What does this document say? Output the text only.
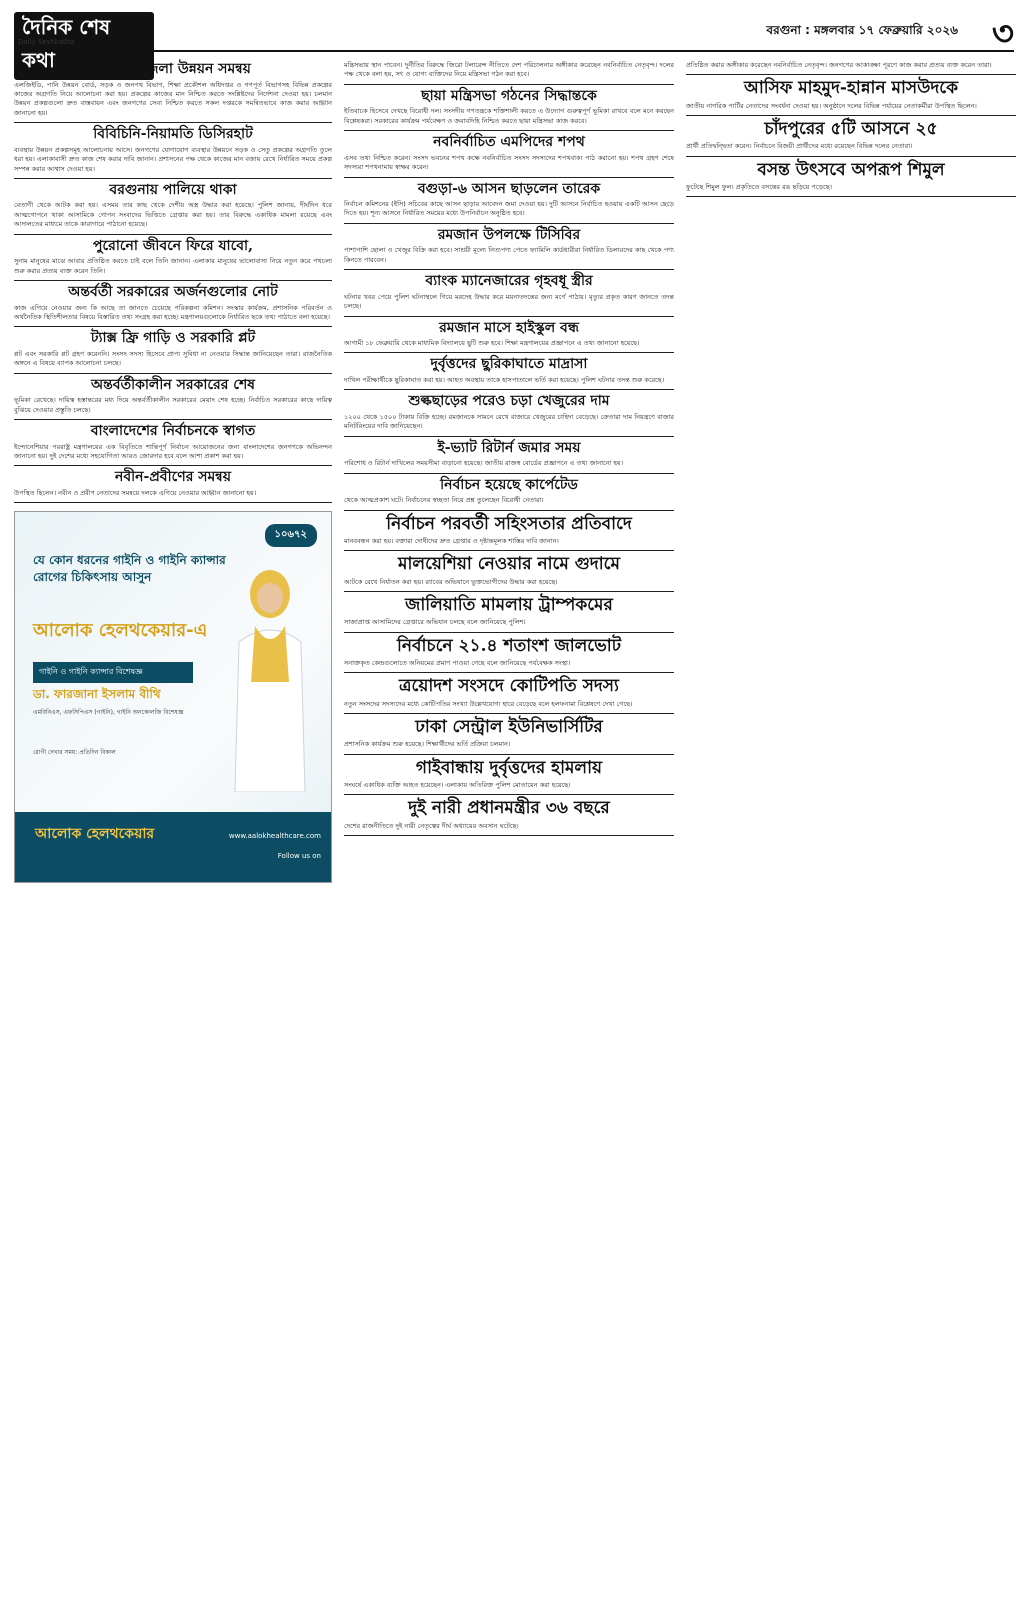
দৈনিক শেষ কথা
Daily Seshkatha
বরগুনা : মঙ্গলবার ১৭ ফেব্রুয়ারি ২০২৬ ৩
বরগুনা জেলা উন্নয়ন সমন্বয়

এলজিইডি, পানি উন্নয়ন বোর্ড, সড়ক ও জনপথ বিভাগ, শিক্ষা প্রকৌশল অধিদপ্তর ও গণপূর্ত বিভাগসহ বিভিন্ন প্রকল্পের কাজের অগ্রগতি নিয়ে আলোচনা করা হয়। প্রকল্পের কাজের মান নিশ্চিত করতে সংশ্লিষ্টদের নির্দেশনা দেওয়া হয়। চলমান উন্নয়ন প্রকল্পগুলো দ্রুত বাস্তবায়ন এবং জনগণের সেবা নিশ্চিত করতে সকল দপ্তরকে সমন্বিতভাবে কাজ করার আহ্বান জানানো হয়।

বিবিচিনি-নিয়ামতি ডিসিরহাট

ব্যবস্থায় উন্নয়ন প্রকল্পসমূহ আলোচনায় আসে। জনগণের যোগাযোগ ব্যবস্থার উন্নয়নে সড়ক ও সেতু প্রকল্পের অগ্রগতি তুলে ধরা হয়। এলাকাবাসী দ্রুত কাজ শেষ করার দাবি জানান। প্রশাসনের পক্ষ থেকে কাজের মান বজায় রেখে নির্ধারিত সময়ে প্রকল্প সম্পন্ন করার আশ্বাস দেওয়া হয়।

বরগুনায় পালিয়ে থাকা

বেতাগী থেকে আটক করা হয়। এসময় তার কাছ থেকে দেশীয় অস্ত্র উদ্ধার করা হয়েছে। পুলিশ জানায়, দীর্ঘদিন ধরে আত্মগোপনে থাকা আসামিকে গোপন সংবাদের ভিত্তিতে গ্রেপ্তার করা হয়। তার বিরুদ্ধে একাধিক মামলা রয়েছে এবং আদালতের মাধ্যমে তাকে কারাগারে পাঠানো হয়েছে।

পুরোনো জীবনে ফিরে যাবো,

সুনাম মানুষের মাঝে আবার প্রতিষ্ঠিত করতে চাই বলে তিনি জানান। এলাকার মানুষের ভালোবাসা নিয়ে নতুন করে পথচলা শুরু করার প্রত্যয় ব্যক্ত করেন তিনি।

অন্তর্বর্তী সরকারের অর্জনগুলোর নোট

কাজ এগিয়ে নেওয়ার জন্য কি আছে তা জানতে চেয়েছে পরিকল্পনা কমিশন। সংস্কার কার্যক্রম, প্রশাসনিক পরিবর্তন ও অর্থনৈতিক স্থিতিশীলতার বিষয়ে বিস্তারিত তথ্য সংগ্রহ করা হচ্ছে। মন্ত্রণালয়গুলোকে নির্ধারিত ছকে তথ্য পাঠাতে বলা হয়েছে।

ট্যাক্স ফ্রি গাড়ি ও সরকারি প্লট

প্লট এবং সরকারি প্লট গ্রহণ করেননি। সংসদ সদস্য হিসেবে প্রাপ্য সুবিধা না নেওয়ার সিদ্ধান্ত জানিয়েছেন তারা। রাজনৈতিক অঙ্গনে এ বিষয়ে ব্যাপক আলোচনা চলছে।

অন্তর্বর্তীকালীন সরকারের শেষ

ভূমিকা রেখেছে। দায়িত্ব হস্তান্তরের মধ্য দিয়ে অন্তর্বর্তীকালীন সরকারের মেয়াদ শেষ হচ্ছে। নির্বাচিত সরকারের কাছে দায়িত্ব বুঝিয়ে দেওয়ার প্রস্তুতি চলছে।

বাংলাদেশের নির্বাচনকে স্বাগত

ইন্দোনেশিয়ার পররাষ্ট্র মন্ত্রণালয়ের এক বিবৃতিতে শান্তিপূর্ণ নির্বাচন আয়োজনের জন্য বাংলাদেশের জনগণকে অভিনন্দন জানানো হয়। দুই দেশের মধ্যে সহযোগিতা আরও জোরদার হবে বলে আশা প্রকাশ করা হয়।

নবীন-প্রবীণের সমন্বয়

উপস্থিত ছিলেন। নবীন ও প্রবীণ নেতাদের সমন্বয়ে দলকে এগিয়ে নেওয়ার আহ্বান জানানো হয়।

১০৬৭২
যে কোন ধরনের গাইনি ও গাইনি ক্যান্সার রোগের চিকিৎসায় আসুন
আলোক হেলথকেয়ার-এ
গাইনি ও গাইনি ক্যান্সার বিশেষজ্ঞ
ডা. ফারজানা ইসলাম বীথি
এমবিবিএস, এফসিপিএস (গাইনি), গাইনি অনকোলজি বিশেষজ্ঞ
রোগী দেখার সময়: প্রতিদিন বিকাল
আলোক হেলথকেয়ার	www.aalokhealthcare.com
Follow us on

মন্ত্রিসভায় স্থান পাবেন। দুর্নীতির বিরুদ্ধে জিরো টলারেন্স নীতিতে দেশ পরিচালনার অঙ্গীকার করেছেন নবনির্বাচিত নেতৃবৃন্দ। দলের পক্ষ থেকে বলা হয়, সৎ ও যোগ্য ব্যক্তিদের নিয়ে মন্ত্রিসভা গঠন করা হবে।

ছায়া মন্ত্রিসভা গঠনের সিদ্ধান্তকে

ইতিবাচক হিসেবে দেখছে বিরোধী দল। সংসদীয় গণতন্ত্রকে শক্তিশালী করতে এ উদ্যোগ গুরুত্বপূর্ণ ভূমিকা রাখবে বলে মনে করছেন বিশ্লেষকরা। সরকারের কার্যক্রম পর্যবেক্ষণ ও জবাবদিহি নিশ্চিত করতে ছায়া মন্ত্রিসভা কাজ করবে।

নবনির্বাচিত এমপিদের শপথ

এসব তথ্য নিশ্চিত করেন। সংসদ ভবনের শপথ কক্ষে নবনির্বাচিত সংসদ সদস্যদের শপথবাক্য পাঠ করানো হয়। শপথ গ্রহণ শেষে সদস্যরা শপথনামায় স্বাক্ষর করেন।

বগুড়া-৬ আসন ছাড়লেন তারেক

নির্বাচন কমিশনের (ইসি) সচিবের কাছে আসন ছাড়ার আবেদন জমা দেওয়া হয়। দুটি আসনে নির্বাচিত হওয়ায় একটি আসন ছেড়ে দিতে হয়। শূন্য আসনে নির্ধারিত সময়ের মধ্যে উপনির্বাচন অনুষ্ঠিত হবে।

রমজান উপলক্ষে টিসিবির

পাশাপাশি ছোলা ও খেজুর বিক্রি করা হবে। সাশ্রয়ী মূল্যে নিত্যপণ্য পেতে ফ্যামিলি কার্ডধারীরা নির্ধারিত ডিলারদের কাছ থেকে পণ্য কিনতে পারবেন।

ব্যাংক ম্যানেজারের গৃহবধূ স্ত্রীর

ঘটনার খবর পেয়ে পুলিশ ঘটনাস্থলে গিয়ে মরদেহ উদ্ধার করে ময়নাতদন্তের জন্য মর্গে পাঠায়। মৃত্যুর প্রকৃত কারণ জানতে তদন্ত চলছে।

রমজান মাসে হাইস্কুল বন্ধ

আগামী ১৮ ফেব্রুয়ারি থেকে মাধ্যমিক বিদ্যালয়ে ছুটি শুরু হবে। শিক্ষা মন্ত্রণালয়ের প্রজ্ঞাপনে এ তথ্য জানানো হয়েছে।

দুর্বৃত্তদের ছুরিকাঘাতে মাদ্রাসা

দাখিল পরীক্ষার্থীকে ছুরিকাঘাত করা হয়। আহত অবস্থায় তাকে হাসপাতালে ভর্তি করা হয়েছে। পুলিশ ঘটনার তদন্ত শুরু করেছে।

শুল্কছাড়ের পরেও চড়া খেজুরের দাম

১২০০ থেকে ১৫০০ টাকায় বিক্রি হচ্ছে। রমজানকে সামনে রেখে বাজারে খেজুরের চাহিদা বেড়েছে। ক্রেতারা দাম নিয়ন্ত্রণে বাজার মনিটরিংয়ের দাবি জানিয়েছেন।

ই-ভ্যাট রিটার্ন জমার সময়

পরিশোধ ও রিটার্ন দাখিলের সময়সীমা বাড়ানো হয়েছে। জাতীয় রাজস্ব বোর্ডের প্রজ্ঞাপনে এ তথ্য জানানো হয়।

নির্বাচন হয়েছে কার্পেটেড

থেকে আত্মপ্রকাশ ঘটে। নির্বাচনের স্বচ্ছতা নিয়ে প্রশ্ন তুলেছেন বিরোধী নেতারা।

নির্বাচন পরবর্তী সহিংসতার প্রতিবাদে

মানববন্ধন করা হয়। বক্তারা দোষীদের দ্রুত গ্রেপ্তার ও দৃষ্টান্তমূলক শাস্তির দাবি জানান।

মালয়েশিয়া নেওয়ার নামে গুদামে

আটকে রেখে নির্যাতন করা হয়। র‍্যাবের অভিযানে ভুক্তভোগীদের উদ্ধার করা হয়েছে।

জালিয়াতি মামলায় ট্রাম্পকমের

সাজাপ্রাপ্ত আসামিদের গ্রেপ্তারে অভিযান চলছে বলে জানিয়েছে পুলিশ।

নির্বাচনে ২১.৪ শতাংশ জালভোট

সনাক্তকৃত কেন্দ্রগুলোতে অনিয়মের প্রমাণ পাওয়া গেছে বলে জানিয়েছে পর্যবেক্ষক সংস্থা।

ত্রয়োদশ সংসদে কোটিপতি সদস্য

নতুন সংসদের সদস্যদের মধ্যে কোটিপতির সংখ্যা উল্লেখযোগ্য হারে বেড়েছে বলে হলফনামা বিশ্লেষণে দেখা গেছে।

ঢাকা সেন্ট্রাল ইউনিভার্সিটির

প্রশাসনিক কার্যক্রম শুরু হয়েছে। শিক্ষার্থীদের ভর্তি প্রক্রিয়া চলমান।

গাইবান্ধায় দুর্বৃত্তদের হামলায়

সংঘর্ষে একাধিক ব্যক্তি আহত হয়েছেন। এলাকায় অতিরিক্ত পুলিশ মোতায়েন করা হয়েছে।

দুই নারী প্রধানমন্ত্রীর ৩৬ বছরে

দেশের রাজনীতিতে দুই নারী নেতৃত্বের দীর্ঘ অধ্যায়ের অবসান ঘটেছে।

প্রতিষ্ঠিত করার অঙ্গীকার করেছেন নবনির্বাচিত নেতৃবৃন্দ। জনগণের আকাঙ্ক্ষা পূরণে কাজ করার প্রত্যয় ব্যক্ত করেন তারা।

আসিফ মাহমুদ-হান্নান মাসউদকে

জাতীয় নাগরিক পার্টির নেতাদের সংবর্ধনা দেওয়া হয়। অনুষ্ঠানে দলের বিভিন্ন পর্যায়ের নেতাকর্মীরা উপস্থিত ছিলেন।

চাঁদপুরের ৫টি আসনে ২৫

প্রার্থী প্রতিদ্বন্দ্বিতা করেন। নির্বাচনে বিজয়ী প্রার্থীদের মধ্যে রয়েছেন বিভিন্ন দলের নেতারা।

বসন্ত উৎসবে অপরূপ শিমুল

ফুটেছে শিমুল ফুল। প্রকৃতিতে বসন্তের রঙ ছড়িয়ে পড়েছে।
